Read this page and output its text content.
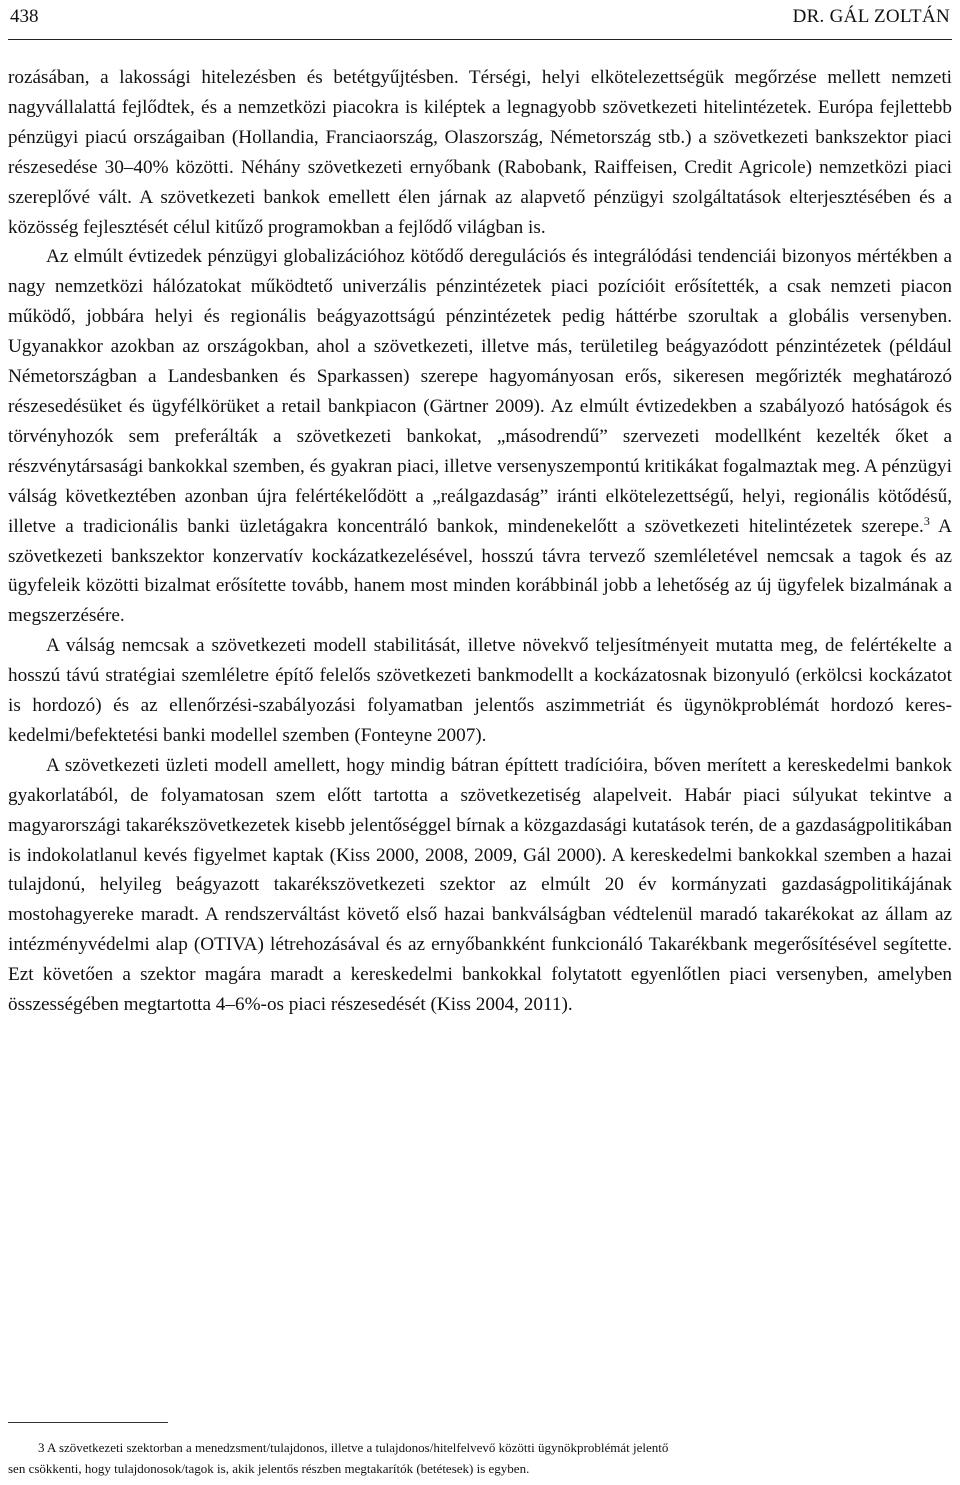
438	DR. GÁL ZOLTÁN

rozásában, a lakossági hitelezésben és betétgyűjtésben. Térségi, helyi elkötelezettségük megőrzése mellett nemzeti nagyvállalattá fejlődtek, és a nemzetközi piacokra is kiléptek a legnagyobb szövetkezeti hitelintézetek. Európa fejlettebb pénzügyi piacú országaiban (Hollandia, Franciaország, Olaszország, Németország stb.) a szövetkezeti bankszektor piaci részesedése 30–40% közötti. Néhány szövetkezeti ernyőbank (Rabobank, Raiffeisen, Credit Agricole) nemzetközi piaci szereplővé vált. A szövetkezeti bankok emellett élen járnak az alapvető pénzügyi szolgáltatások elterjesztésében és a közösség fejlesztését célul kitűző programokban a fejlődő világban is.

Az elmúlt évtizedek pénzügyi globalizációhoz kötődő deregulációs és integrálódási tendenciái bizonyos mértékben a nagy nemzetközi hálózatokat működtető univerzális pénzintézetek piaci pozícióit erősítették, a csak nemzeti piacon működő, jobbára helyi és regionális beágyazottságú pénzintézetek pedig háttérbe szorultak a globális versenyben. Ugyanakkor azokban az országokban, ahol a szövetkezeti, illetve más, területileg beágyazódott pénzintézetek (például Németországban a Landesbanken és Sparkassen) szerepe hagyományosan erős, sikeresen megőrizték meghatározó részesedésüket és ügyfélkörüket a retail bankpiacon (Gärtner 2009). Az elmúlt évtizedekben a szabályozó hatóságok és törvényhozók sem preferálták a szövetkezeti bankokat, „másodrendű” szervezeti modellként kezelték őket a részvénytársasági bankokkal szemben, és gyakran piaci, illetve versenyszempontú kritikákat fogalmaztak meg. A pénzügyi válság következtében azonban újra felértékelődött a „reálgazdaság” iránti elkötelezettségű, helyi, regionális kötődésű, illetve a tradicionális banki üzletágakra koncentráló bankok, mindenekelőtt a szövetkezeti hitelintézetek szerepe.$^3$ A szövetkezeti bankszektor konzervatív kockázatkezelésével, hosszú távra tervező szemléletével nemcsak a tagok és az ügyfeleik közötti bizalmat erősítette tovább, hanem most minden korábbinál jobb a lehetőség az új ügyfelek bizalmának a megszerzésére.

A válság nemcsak a szövetkezeti modell stabilitását, illetve növekvő teljesítményeit mutatta meg, de felértékelte a hosszú távú stratégiai szemléletre építő felelős szövetkezeti bankmodellt a kockázatosnak bizonyuló (erkölcsi kockázatot is hordozó) és az ellenőrzési-szabályozási folyamatban jelentős aszimmetriát és ügynökproblémát hordozó kereskedelmi/befektetési banki modellel szemben (Fonteyne 2007).

A szövetkezeti üzleti modell amellett, hogy mindig bátran építtett tradícióira, bőven merített a kereskedelmi bankok gyakorlatából, de folyamatosan szem előtt tartotta a szövetkezetiség alapelveit. Habár piaci súlyukat tekintve a magyarországi takarékszövetkezetek kisebb jelentőséggel bírnak a közgazdasági kutatások terén, de a gazdaságpolitikában is indokolatlanul kevés figyelmet kaptak (Kiss 2000, 2008, 2009, Gál 2000). A kereskedelmi bankokkal szemben a hazai tulajdonú, helyileg beágyazott takarékszövetkezeti szektor az elmúlt 20 év kormányzati gazdaságpolitikájának mostohagyereke maradt. A rendszerváltást követő első hazai bankválságban védtelenül maradó takarékokat az állam az intézményvédelmi alap (OTIVA) létrehozásával és az ernyőbankként funkcionáló Takarékbank megerősítésével segítette. Ezt követően a szektor magára maradt a kereskedelmi bankokkal folytatott egyenlőtlen piaci versenyben, amelyben összességében megtartotta 4–6%-os piaci részesedését (Kiss 2004, 2011).

3 A szövetkezeti szektorban a menedzsment/tulajdonos, illetve a tulajdonos/hitelfelvevő közötti ügynökproblémát jelentő
sen csökkenti, hogy tulajdonosok/tagok is, akik jelentős részben megtakarítók (betétesek) is egyben.
